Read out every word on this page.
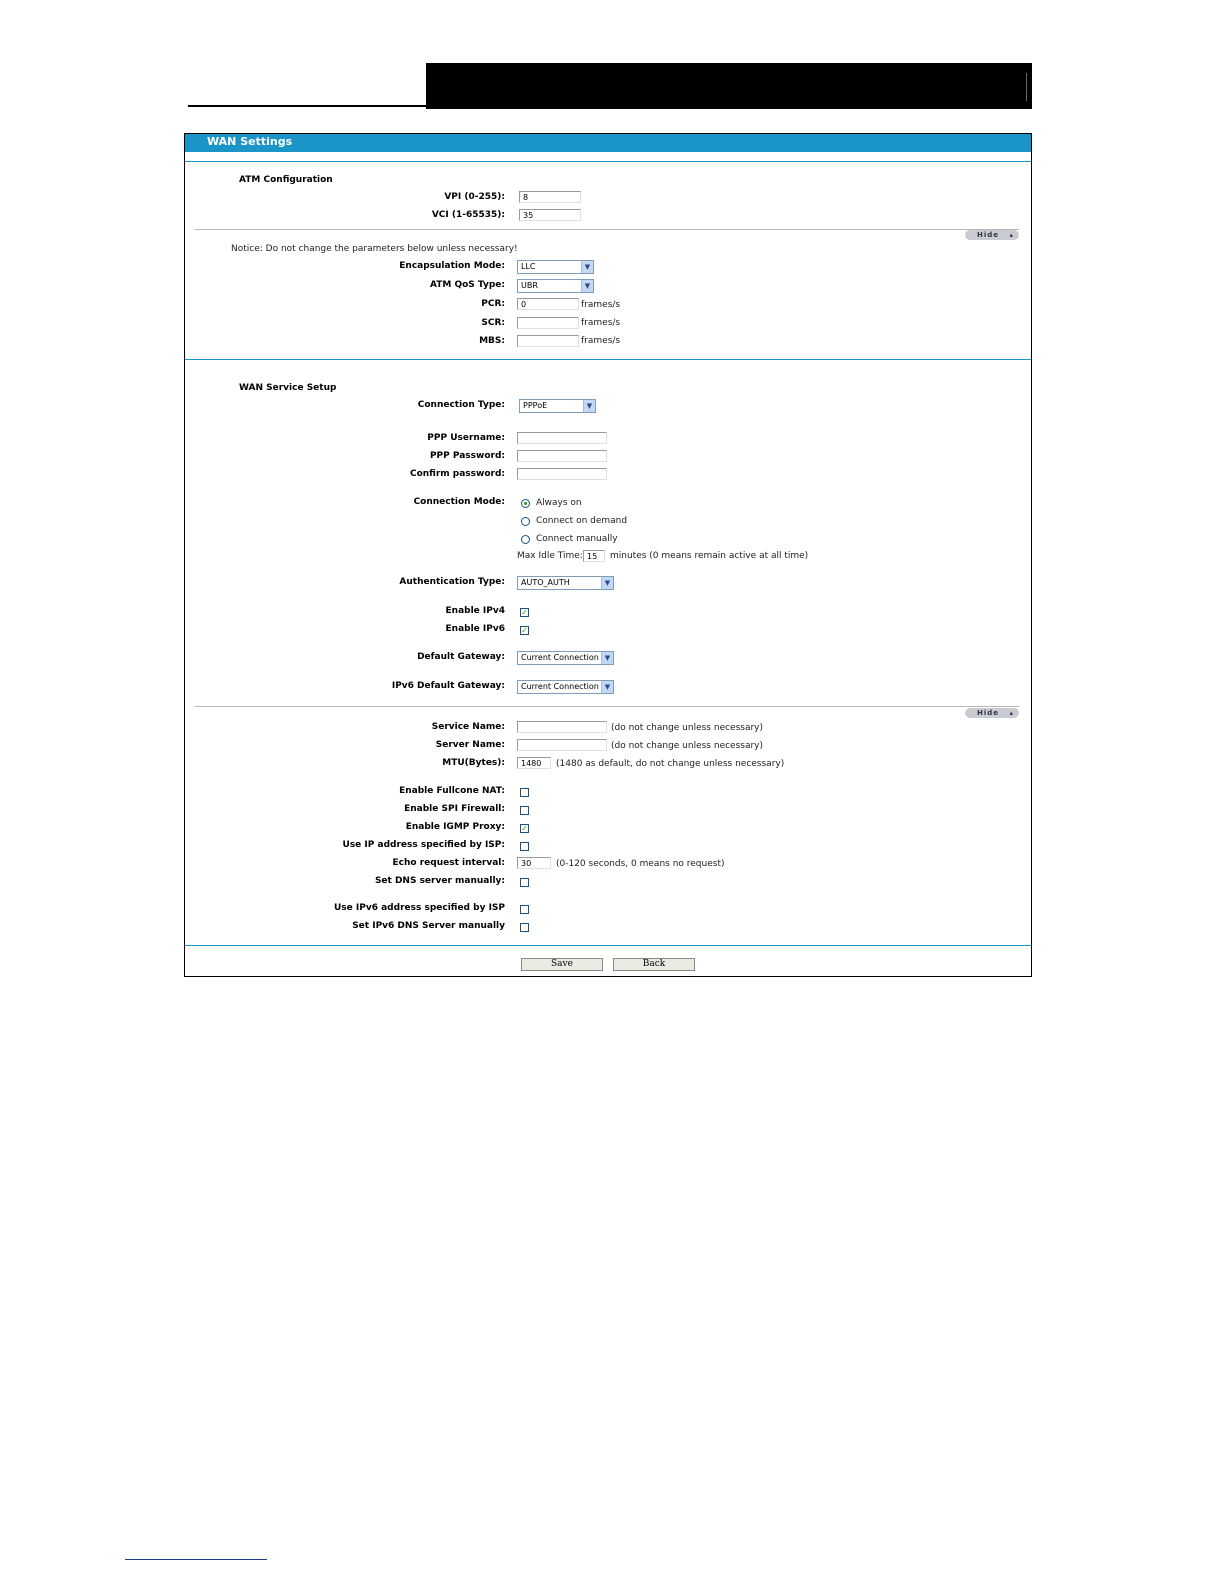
WAN Settings
ATM Configuration
VPI (0-255):	8
VCI (1-65535):	35
Hide ▴
Notice: Do not change the parameters below unless necessary!
Encapsulation Mode:	LLC	▼
ATM QoS Type:	UBR	▼
PCR:	0	frames/s
SCR:	frames/s
MBS:	frames/s
WAN Service Setup
Connection Type:	PPPoE	▼
PPP Username:
PPP Password:
Confirm password:
Connection Mode:	Always on
Connect on demand
Connect manually
Max Idle Time: 15	minutes (0 means remain active at all time)
Authentication Type:	AUTO_AUTH	▼
Enable IPv4 ✓
Enable IPv6 ✓
Default Gateway:	Current Connection ▼
IPv6 Default Gateway:	Current Connection ▼
Hide ▴
Service Name:	(do not change unless necessary)
Server Name:	(do not change unless necessary)
MTU(Bytes):	1480	(1480 as default, do not change unless necessary)
Enable Fullcone NAT:
Enable SPI Firewall:
Enable IGMP Proxy: ✓
Use IP address specified by ISP:
Echo request interval:	30	(0-120 seconds, 0 means no request)
Set DNS server manually:
Use IPv6 address specified by ISP
Set IPv6 DNS Server manually
Save	Back
